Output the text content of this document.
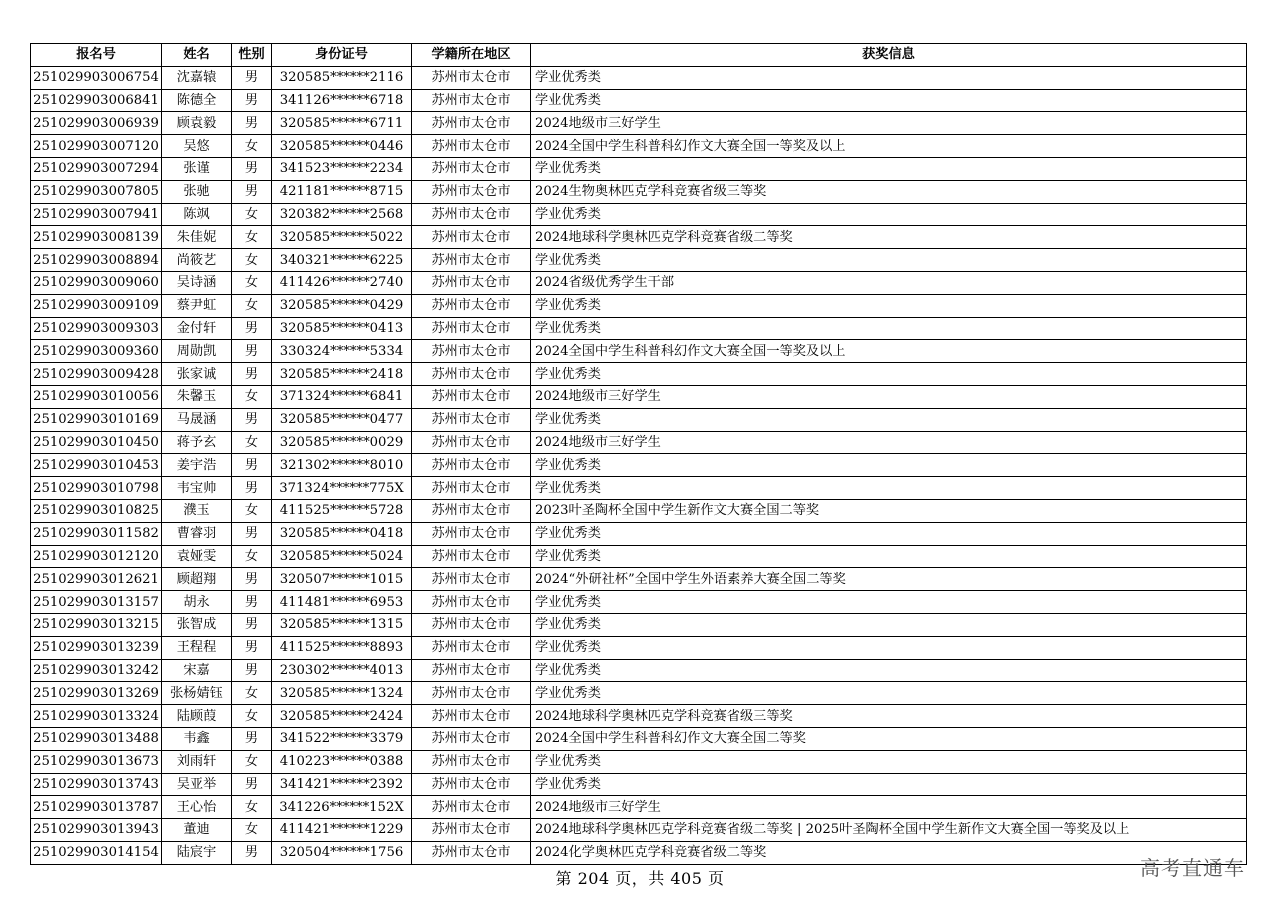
报名号	姓名	性别	身份证号	学籍所在地区	获奖信息
251029903006754	沈嘉辕	男	320585******2116	苏州市太仓市	学业优秀类
251029903006841	陈德全	男	341126******6718	苏州市太仓市	学业优秀类
251029903006939	顾袁毅	男	320585******6711	苏州市太仓市	2024地级市三好学生
251029903007120	吴悠	女	320585******0446	苏州市太仓市	2024全国中学生科普科幻作文大赛全国一等奖及以上
251029903007294	张谨	男	341523******2234	苏州市太仓市	学业优秀类
251029903007805	张驰	男	421181******8715	苏州市太仓市	2024生物奥林匹克学科竞赛省级三等奖
251029903007941	陈飒	女	320382******2568	苏州市太仓市	学业优秀类
251029903008139	朱佳妮	女	320585******5022	苏州市太仓市	2024地球科学奥林匹克学科竞赛省级二等奖
251029903008894	尚筱艺	女	340321******6225	苏州市太仓市	学业优秀类
251029903009060	吴诗涵	女	411426******2740	苏州市太仓市	2024省级优秀学生干部
251029903009109	蔡尹虹	女	320585******0429	苏州市太仓市	学业优秀类
251029903009303	金付轩	男	320585******0413	苏州市太仓市	学业优秀类
251029903009360	周勋凯	男	330324******5334	苏州市太仓市	2024全国中学生科普科幻作文大赛全国一等奖及以上
251029903009428	张家诚	男	320585******2418	苏州市太仓市	学业优秀类
251029903010056	朱馨玉	女	371324******6841	苏州市太仓市	2024地级市三好学生
251029903010169	马晟涵	男	320585******0477	苏州市太仓市	学业优秀类
251029903010450	蒋予玄	女	320585******0029	苏州市太仓市	2024地级市三好学生
251029903010453	姜宇浩	男	321302******8010	苏州市太仓市	学业优秀类
251029903010798	韦宝帅	男	371324******775X	苏州市太仓市	学业优秀类
251029903010825	濮玉	女	411525******5728	苏州市太仓市	2023叶圣陶杯全国中学生新作文大赛全国二等奖
251029903011582	曹睿羽	男	320585******0418	苏州市太仓市	学业优秀类
251029903012120	袁娅雯	女	320585******5024	苏州市太仓市	学业优秀类
251029903012621	顾超翔	男	320507******1015	苏州市太仓市	2024“外研社杯”全国中学生外语素养大赛全国二等奖
251029903013157	胡永	男	411481******6953	苏州市太仓市	学业优秀类
251029903013215	张智成	男	320585******1315	苏州市太仓市	学业优秀类
251029903013239	王程程	男	411525******8893	苏州市太仓市	学业优秀类
251029903013242	宋嘉	男	230302******4013	苏州市太仓市	学业优秀类
251029903013269	张杨婧钰	女	320585******1324	苏州市太仓市	学业优秀类
251029903013324	陆顾葭	女	320585******2424	苏州市太仓市	2024地球科学奥林匹克学科竞赛省级三等奖
251029903013488	韦鑫	男	341522******3379	苏州市太仓市	2024全国中学生科普科幻作文大赛全国二等奖
251029903013673	刘雨轩	女	410223******0388	苏州市太仓市	学业优秀类
251029903013743	吴亚举	男	341421******2392	苏州市太仓市	学业优秀类
251029903013787	王心怡	女	341226******152X	苏州市太仓市	2024地级市三好学生
251029903013943	董迪	女	411421******1229	苏州市太仓市	2024地球科学奥林匹克学科竞赛省级二等奖 | 2025叶圣陶杯全国中学生新作文大赛全国一等奖及以上
251029903014154	陆宸宇	男	320504******1756	苏州市太仓市	2024化学奥林匹克学科竞赛省级二等奖
第 204 页，共 405 页	高考直通车
